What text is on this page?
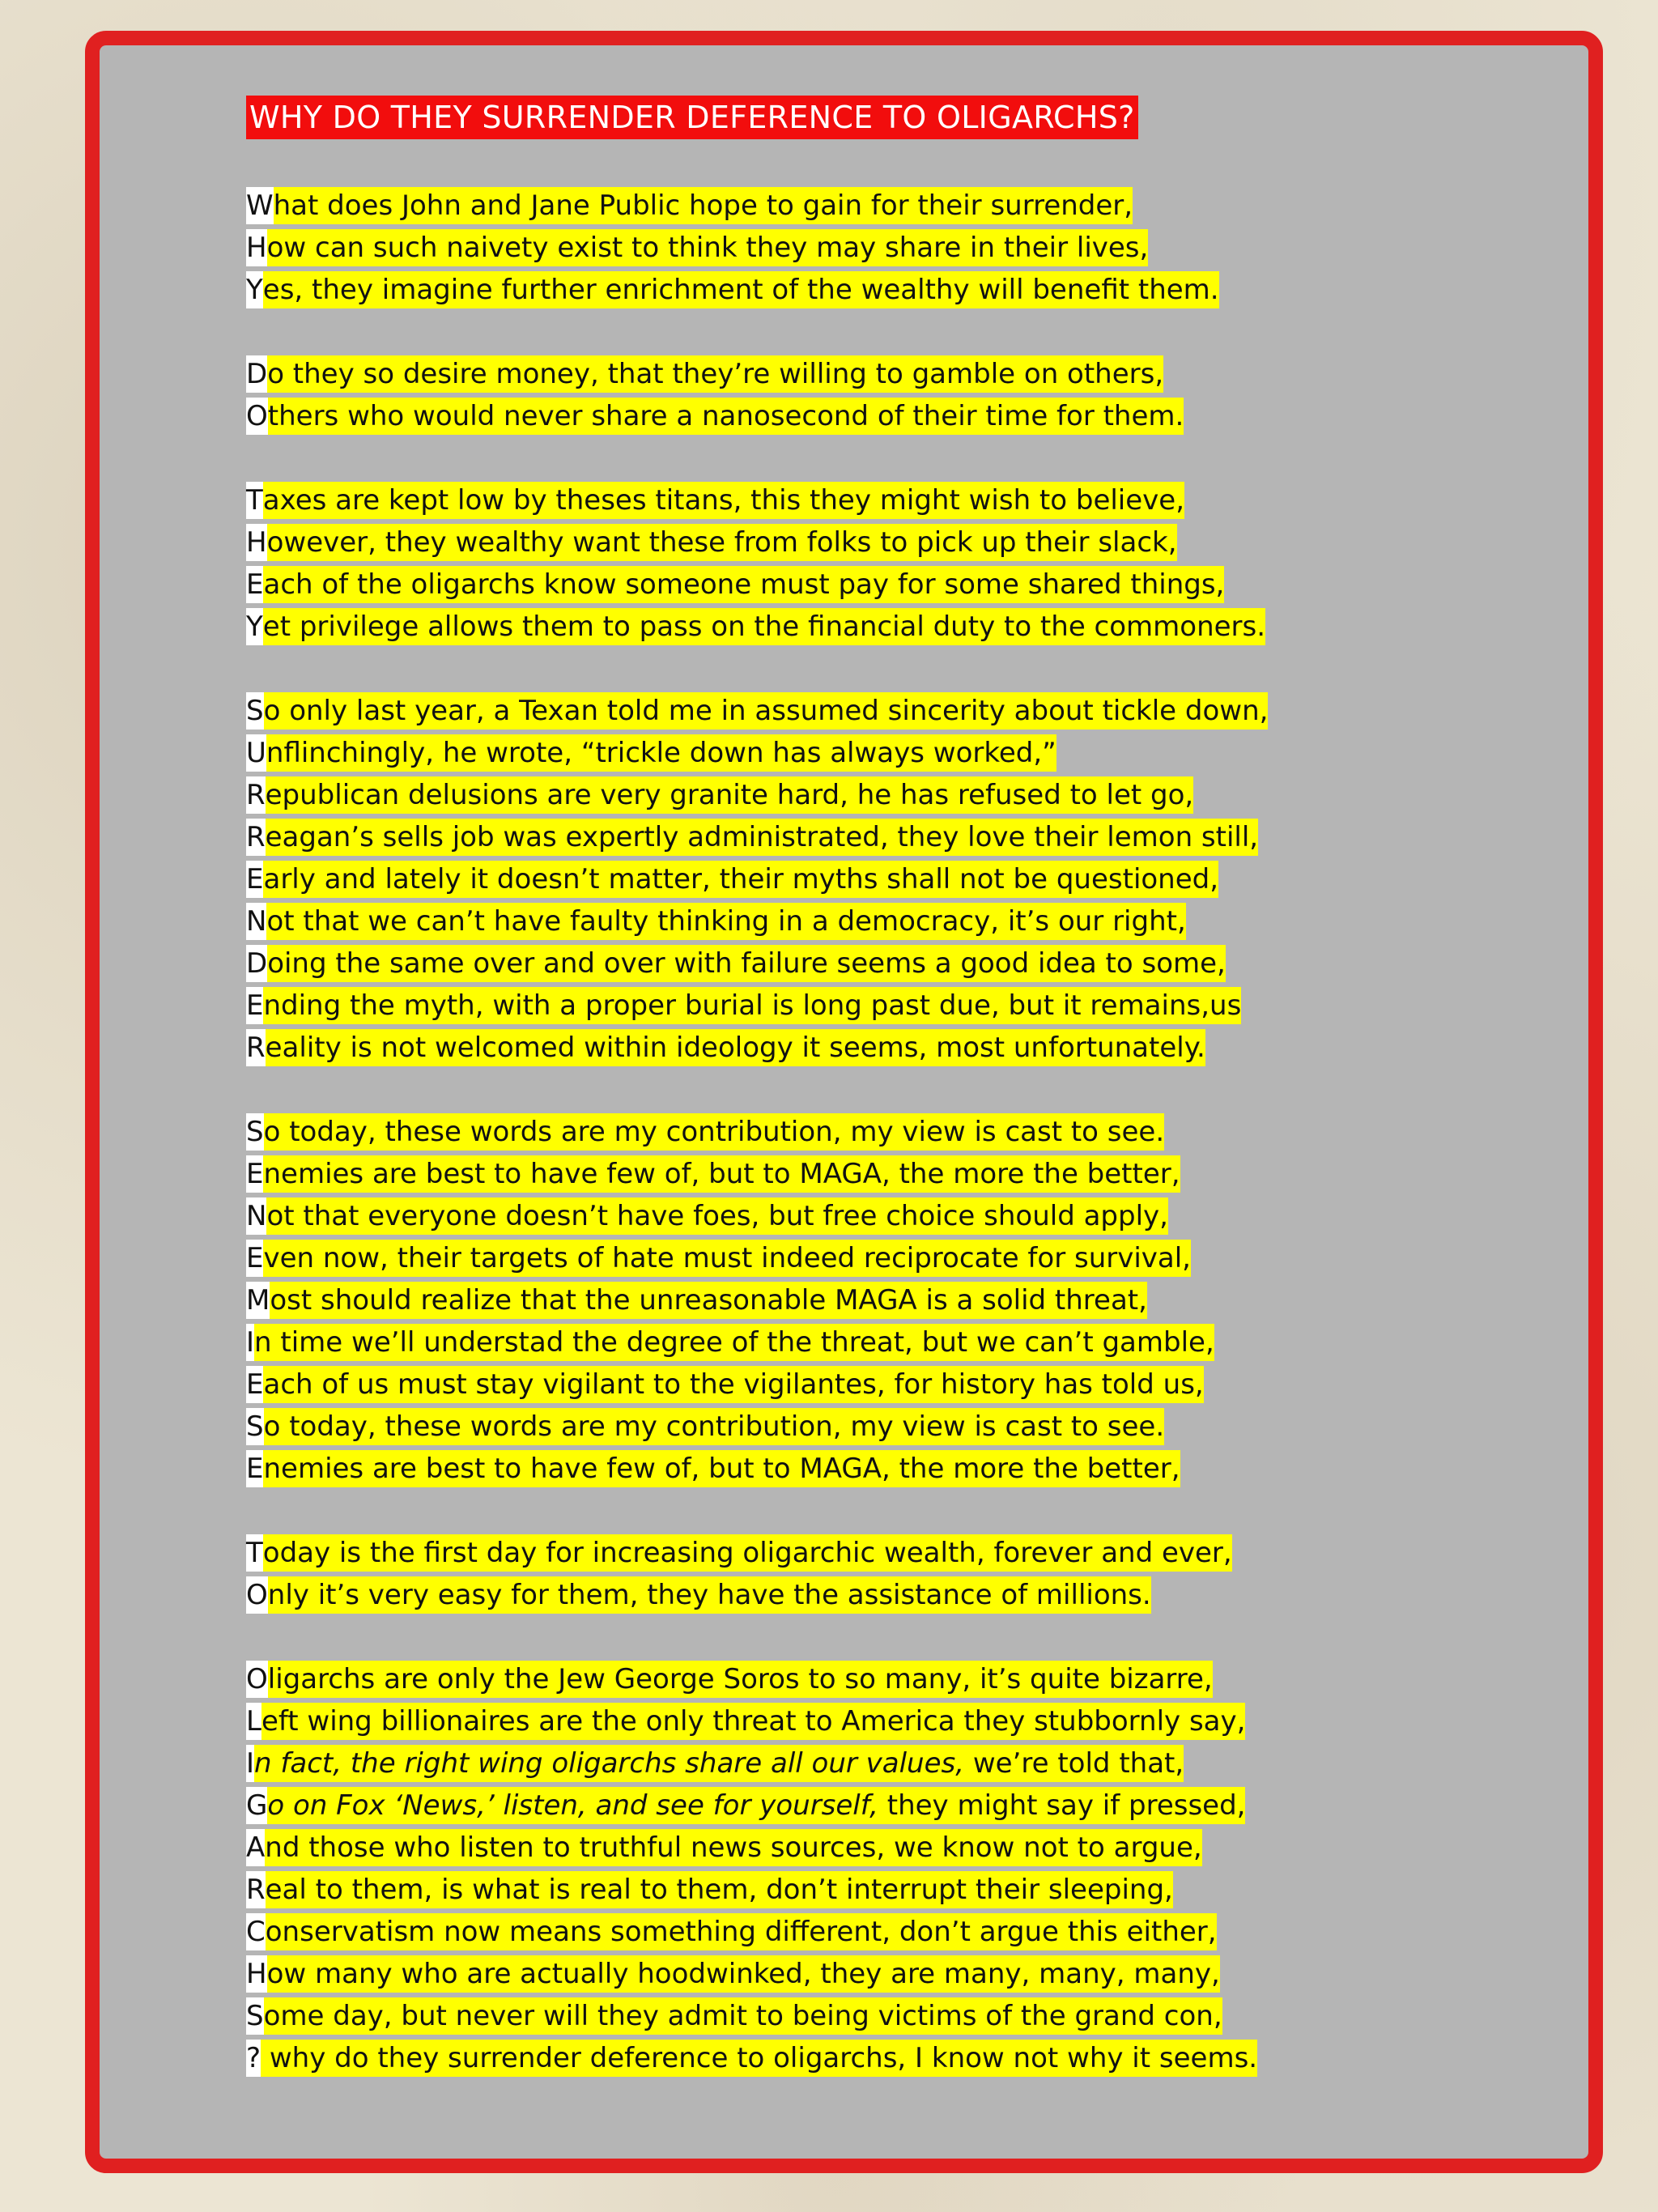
WHY DO THEY SURRENDER DEFERENCE TO OLIGARCHS?
What does John and Jane Public hope to gain for their surrender,
How can such naivety exist to think they may share in their lives,
Yes, they imagine further enrichment of the wealthy will benefit them.
Do they so desire money, that they’re willing to gamble on others,
Others who would never share a nanosecond of their time for them.
Taxes are kept low by theses titans, this they might wish to believe,
However, they wealthy want these from folks to pick up their slack,
Each of the oligarchs know someone must pay for some shared things,
Yet privilege allows them to pass on the financial duty to the commoners.
So only last year, a Texan told me in assumed sincerity about tickle down,
Unflinchingly, he wrote, “trickle down has always worked,”
Republican delusions are very granite hard, he has refused to let go,
Reagan’s sells job was expertly administrated, they love their lemon still,
Early and lately it doesn’t matter, their myths shall not be questioned,
Not that we can’t have faulty thinking in a democracy, it’s our right,
Doing the same over and over with failure seems a good idea to some,
Ending the myth, with a proper burial is long past due, but it remains,us
Reality is not welcomed within ideology it seems, most unfortunately.
So today, these words are my contribution, my view is cast to see.
Enemies are best to have few of, but to MAGA, the more the better,
Not that everyone doesn’t have foes, but free choice should apply,
Even now, their targets of hate must indeed reciprocate for survival,
Most should realize that the unreasonable MAGA is a solid threat,
In time we’ll understad the degree of the threat, but we can’t gamble,
Each of us must stay vigilant to the vigilantes, for history has told us,
So today, these words are my contribution, my view is cast to see.
Enemies are best to have few of, but to MAGA, the more the better,
Today is the first day for increasing oligarchic wealth, forever and ever,
Only it’s very easy for them, they have the assistance of millions.
Oligarchs are only the Jew George Soros to so many, it’s quite bizarre,
Left wing billionaires are the only threat to America they stubbornly say,
In fact, the right wing oligarchs share all our values, we’re told that,
Go on Fox ‘News,’ listen, and see for yourself, they might say if pressed,
And those who listen to truthful news sources, we know not to argue,
Real to them, is what is real to them, don’t interrupt their sleeping,
Conservatism now means something different, don’t argue this either,
How many who are actually hoodwinked, they are many, many, many,
Some day, but never will they admit to being victims of the grand con,
? why do they surrender deference to oligarchs, I know not why it seems.
